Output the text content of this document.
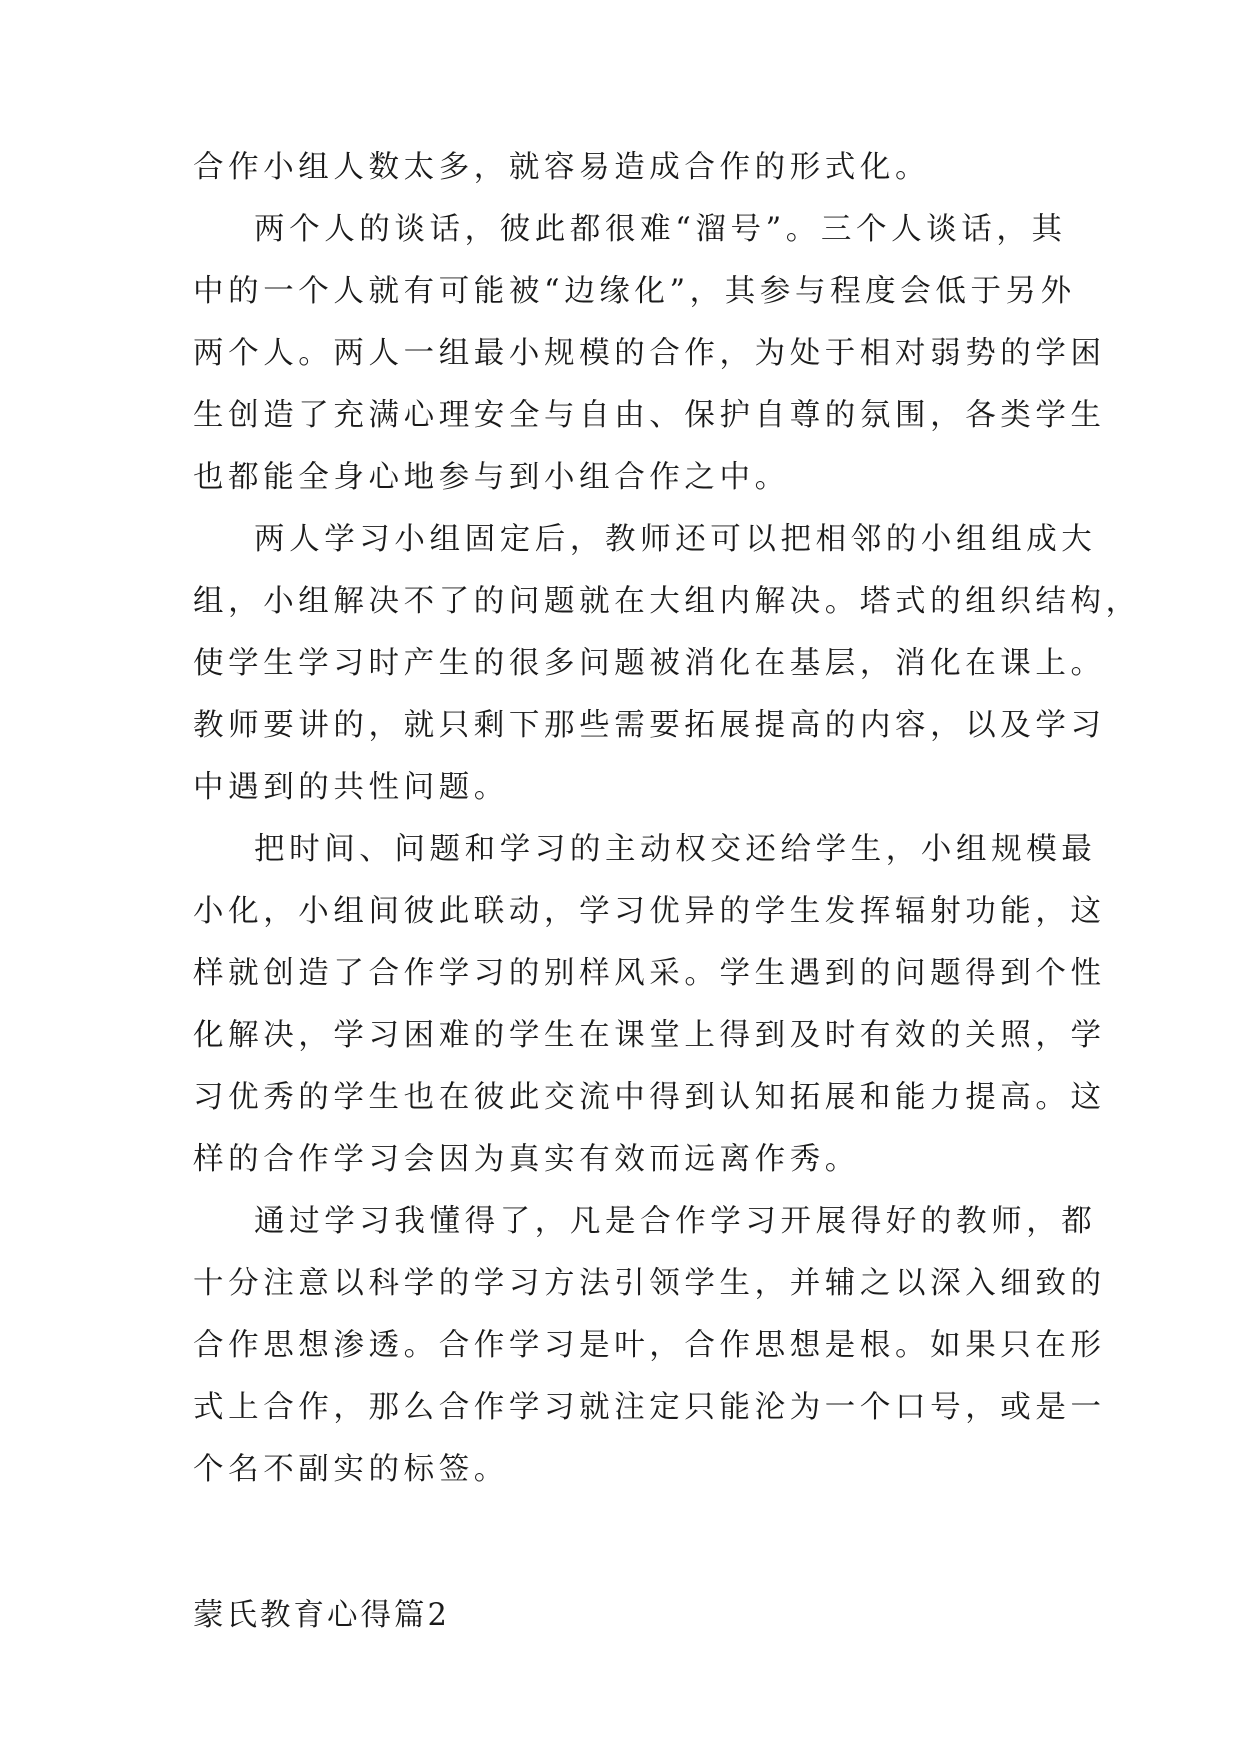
合作小组人数太多，就容易造成合作的形式化。
两个人的谈话，彼此都很难“溜号”。三个人谈话，其
中的一个人就有可能被“边缘化”，其参与程度会低于另外
两个人。两人一组最小规模的合作，为处于相对弱势的学困
生创造了充满心理安全与自由、保护自尊的氛围，各类学生
也都能全身心地参与到小组合作之中。
两人学习小组固定后，教师还可以把相邻的小组组成大
组，小组解决不了的问题就在大组内解决。塔式的组织结构，
使学生学习时产生的很多问题被消化在基层，消化在课上。
教师要讲的，就只剩下那些需要拓展提高的内容，以及学习
中遇到的共性问题。
把时间、问题和学习的主动权交还给学生，小组规模最
小化，小组间彼此联动，学习优异的学生发挥辐射功能，这
样就创造了合作学习的别样风采。学生遇到的问题得到个性
化解决，学习困难的学生在课堂上得到及时有效的关照，学
习优秀的学生也在彼此交流中得到认知拓展和能力提高。这
样的合作学习会因为真实有效而远离作秀。
通过学习我懂得了，凡是合作学习开展得好的教师，都
十分注意以科学的学习方法引领学生，并辅之以深入细致的
合作思想渗透。合作学习是叶，合作思想是根。如果只在形
式上合作，那么合作学习就注定只能沦为一个口号，或是一
个名不副实的标签。
蒙氏教育心得篇2
